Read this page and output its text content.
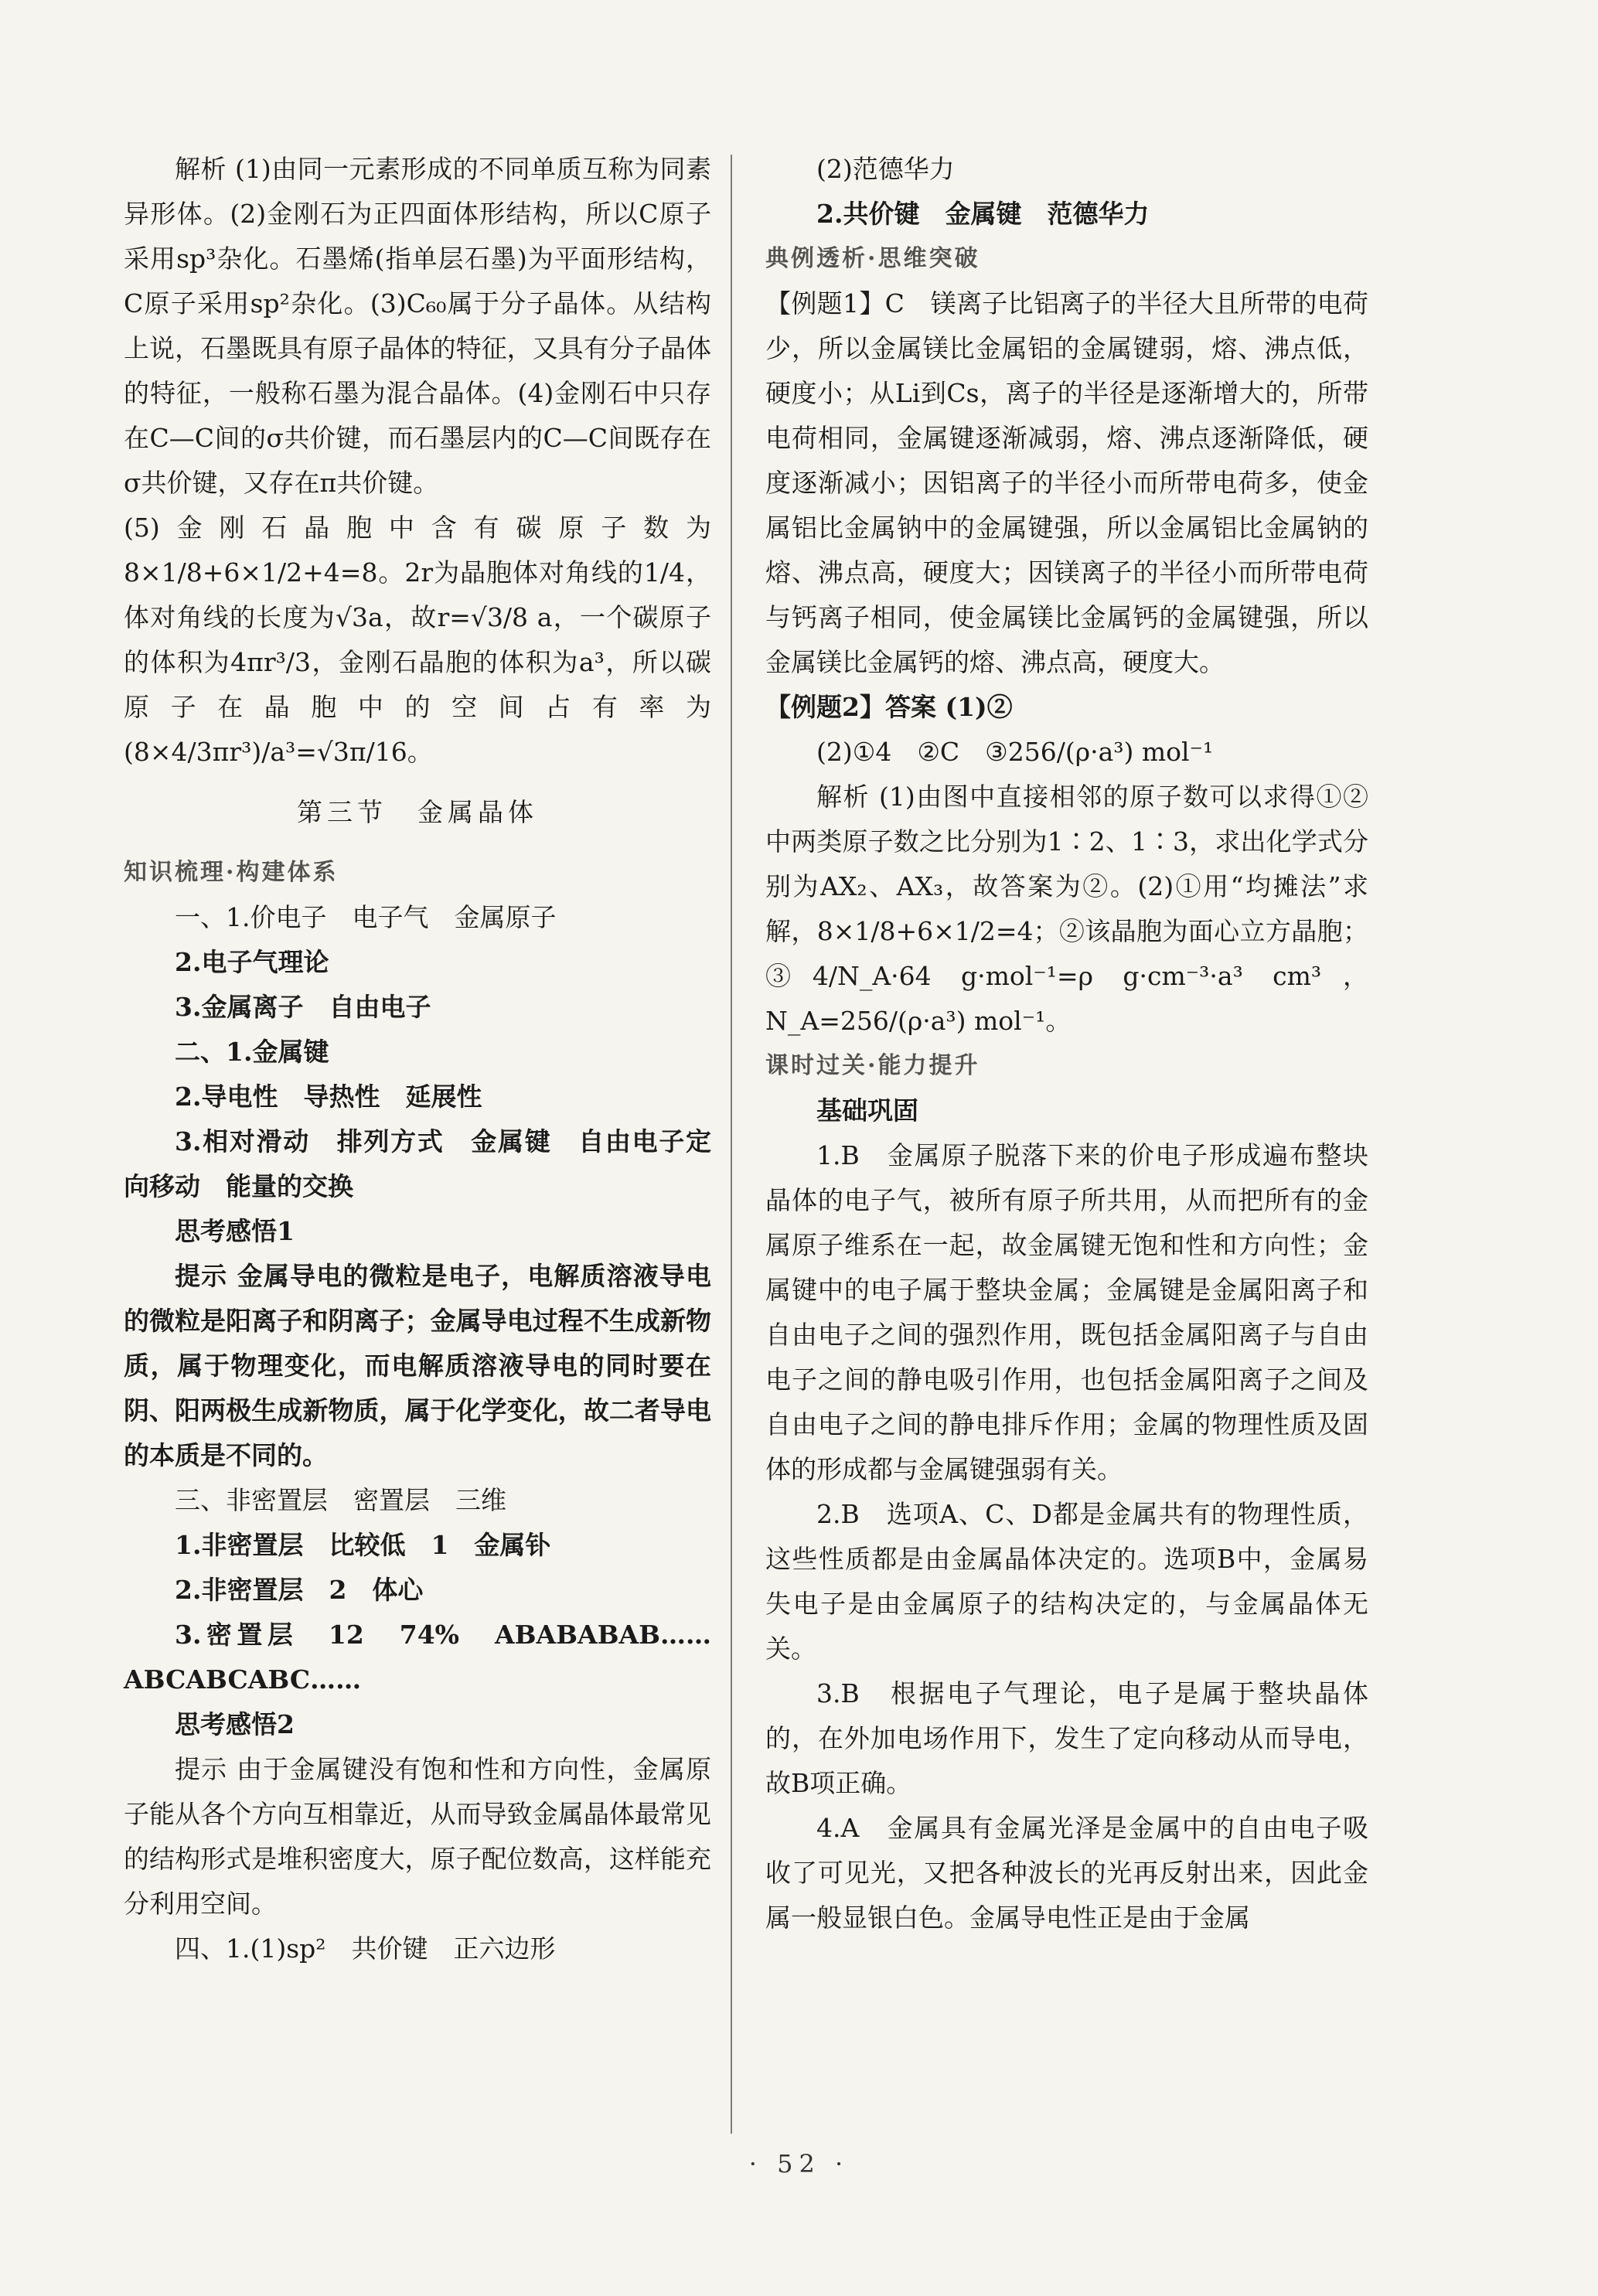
解析 (1)由同一元素形成的不同单质互称为同素异形体。(2)金刚石为正四面体形结构，所以C原子采用sp³杂化。石墨烯(指单层石墨)为平面形结构，C原子采用sp²杂化。(3)C₆₀属于分子晶体。从结构上说，石墨既具有原子晶体的特征，又具有分子晶体的特征，一般称石墨为混合晶体。(4)金刚石中只存在C—C间的σ共价键，而石墨层内的C—C间既存在σ共价键，又存在π共价键。

(5)金刚石晶胞中含有碳原子数为8×1/8+6×1/2+4=8。2r为晶胞体对角线的1/4，体对角线的长度为√3a，故r=√3/8 a，一个碳原子的体积为4πr³/3，金刚石晶胞的体积为a³，所以碳原子在晶胞中的空间占有率为(8×4/3πr³)/a³=√3π/16。

第三节　金属晶体

知识梳理·构建体系

一、1.价电子　电子气　金属原子

2.电子气理论

3.金属离子　自由电子

二、1.金属键

2.导电性　导热性　延展性

3.相对滑动　排列方式　金属键　自由电子定向移动　能量的交换

思考感悟1

提示 金属导电的微粒是电子，电解质溶液导电的微粒是阳离子和阴离子；金属导电过程不生成新物质，属于物理变化，而电解质溶液导电的同时要在阴、阳两极生成新物质，属于化学变化，故二者导电的本质是不同的。

三、非密置层　密置层　三维

1.非密置层　比较低　1　金属钋

2.非密置层　2　体心

3.密置层　12　74%　ABABABAB……ABCABCABC……

思考感悟2

提示 由于金属键没有饱和性和方向性，金属原子能从各个方向互相靠近，从而导致金属晶体最常见的结构形式是堆积密度大，原子配位数高，这样能充分利用空间。

四、1.(1)sp²　共价键　正六边形

(2)范德华力

2.共价键　金属键　范德华力

典例透析·思维突破

【例题1】C　镁离子比铝离子的半径大且所带的电荷少，所以金属镁比金属铝的金属键弱，熔、沸点低，硬度小；从Li到Cs，离子的半径是逐渐增大的，所带电荷相同，金属键逐渐减弱，熔、沸点逐渐降低，硬度逐渐减小；因铝离子的半径小而所带电荷多，使金属铝比金属钠中的金属键强，所以金属铝比金属钠的熔、沸点高，硬度大；因镁离子的半径小而所带电荷与钙离子相同，使金属镁比金属钙的金属键强，所以金属镁比金属钙的熔、沸点高，硬度大。

【例题2】答案 (1)②

(2)①4　②C　③256/(ρ·a³) mol⁻¹

解析 (1)由图中直接相邻的原子数可以求得①②中两类原子数之比分别为1∶2、1∶3，求出化学式分别为AX₂、AX₃，故答案为②。(2)①用“均摊法”求解，8×1/8+6×1/2=4；②该晶胞为面心立方晶胞；③4/N_A·64 g·mol⁻¹=ρ g·cm⁻³·a³ cm³，N_A=256/(ρ·a³) mol⁻¹。

课时过关·能力提升

基础巩固

1.B　金属原子脱落下来的价电子形成遍布整块晶体的电子气，被所有原子所共用，从而把所有的金属原子维系在一起，故金属键无饱和性和方向性；金属键中的电子属于整块金属；金属键是金属阳离子和自由电子之间的强烈作用，既包括金属阳离子与自由电子之间的静电吸引作用，也包括金属阳离子之间及自由电子之间的静电排斥作用；金属的物理性质及固体的形成都与金属键强弱有关。

2.B　选项A、C、D都是金属共有的物理性质，这些性质都是由金属晶体决定的。选项B中，金属易失电子是由金属原子的结构决定的，与金属晶体无关。

3.B　根据电子气理论，电子是属于整块晶体的，在外加电场作用下，发生了定向移动从而导电，故B项正确。

4.A　金属具有金属光泽是金属中的自由电子吸收了可见光，又把各种波长的光再反射出来，因此金属一般显银白色。金属导电性正是由于金属

· 52 ·
